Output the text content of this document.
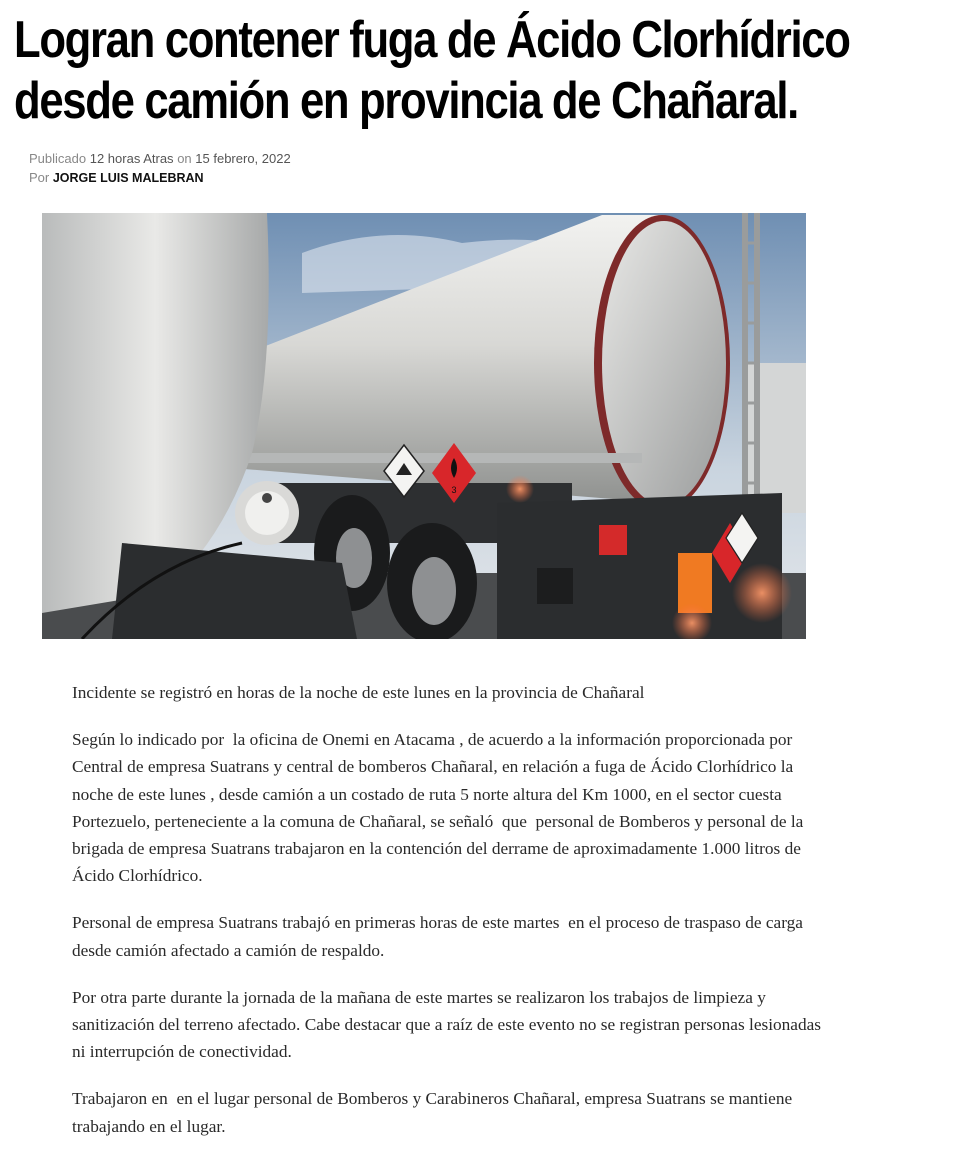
Logran contener fuga de Ácido Clorhídrico desde camión en provincia de Chañaral.
Publicado 12 horas Atras on 15 febrero, 2022
Por JORGE LUIS MALEBRAN
3

Incidente se registró en horas de la noche de este lunes en la provincia de Chañaral

Según lo indicado por  la oficina de Onemi en Atacama , de acuerdo a la información proporcionada por Central de empresa Suatrans y central de bomberos Chañaral, en relación a fuga de Ácido Clorhídrico la noche de este lunes , desde camión a un costado de ruta 5 norte altura del Km 1000, en el sector cuesta Portezuelo, perteneciente a la comuna de Chañaral, se señaló  que  personal de Bomberos y personal de la brigada de empresa Suatrans trabajaron en la contención del derrame de aproximadamente 1.000 litros de Ácido Clorhídrico.

Personal de empresa Suatrans trabajó en primeras horas de este martes  en el proceso de traspaso de carga desde camión afectado a camión de respaldo.

Por otra parte durante la jornada de la mañana de este martes se realizaron los trabajos de limpieza y sanitización del terreno afectado. Cabe destacar que a raíz de este evento no se registran personas lesionadas ni interrupción de conectividad.

Trabajaron en  en el lugar personal de Bomberos y Carabineros Chañaral, empresa Suatrans se mantiene trabajando en el lugar.
